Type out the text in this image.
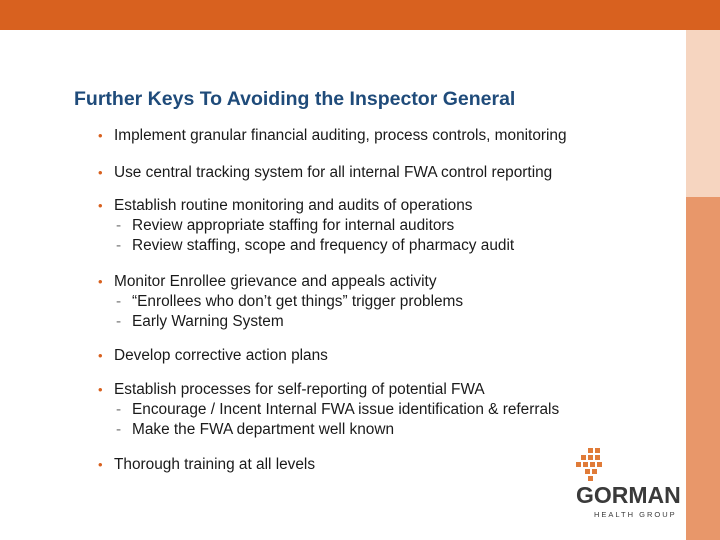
Further Keys To Avoiding the Inspector General
• Implement granular financial auditing, process controls, monitoring
• Use central tracking system for all internal FWA control reporting
• Establish routine monitoring and audits of operations
- Review appropriate staffing for internal auditors
- Review staffing, scope and frequency of pharmacy audit
• Monitor Enrollee grievance and appeals activity
- “Enrollees who don’t get things” trigger problems
- Early Warning System
• Develop corrective action plans
• Establish processes for self-reporting of potential FWA
- Encourage / Incent Internal FWA issue identification & referrals
- Make the FWA department well known
• Thorough training at all levels
GORMAN
HEALTH GROUP
